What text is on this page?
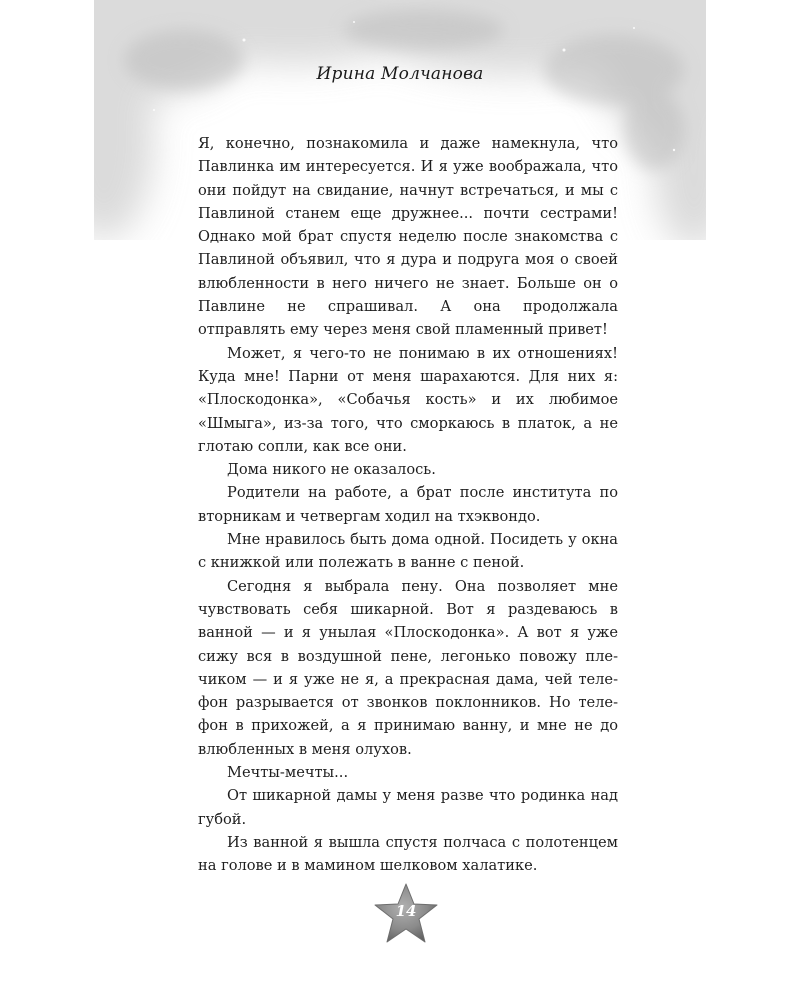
Ирина Молчанова

Я, конечно, познакомила и даже намекнула, что Павлинка им интересуется. И я уже воображала, что они пойдут на свидание, начнут встречаться, и мы с Павлиной станем еще дружнее... почти сестрами! Однако мой брат спустя неделю после знакомства с Павлиной объявил, что я дура и подруга моя о своей влюбленности в него ничего не знает. Больше он о Павлине не спрашивал. А она продолжала отправлять ему через меня свой пламенный привет!

Может, я чего-то не понимаю в их отношениях! Куда мне! Парни от меня шарахаются. Для них я: «Плоскодонка», «Собачья кость» и их любимое «Шмыга», из-за того, что сморкаюсь в платок, а не глотаю сопли, как все они.

Дома никого не оказалось.

Родители на работе, а брат после института по вторникам и четвергам ходил на тхэквондо.

Мне нравилось быть дома одной. Посидеть у окна с книжкой или полежать в ванне с пеной.

Сегодня я выбрала пену. Она позволяет мне чувствовать себя шикарной. Вот я раздеваюсь в ванной — и я унылая «Плоскодонка». А вот я уже сижу вся в воздушной пене, легонько повожу плечиком — и я уже не я, а прекрасная дама, чей телефон разрывается от звонков поклонников. Но телефон в прихожей, а я принимаю ванну, и мне не до влюбленных в меня олухов.

Мечты-мечты...

От шикарной дамы у меня разве что родинка над губой.

Из ванной я вышла спустя полчаса с полотенцем на голове и в мамином шелковом халатике.

14
